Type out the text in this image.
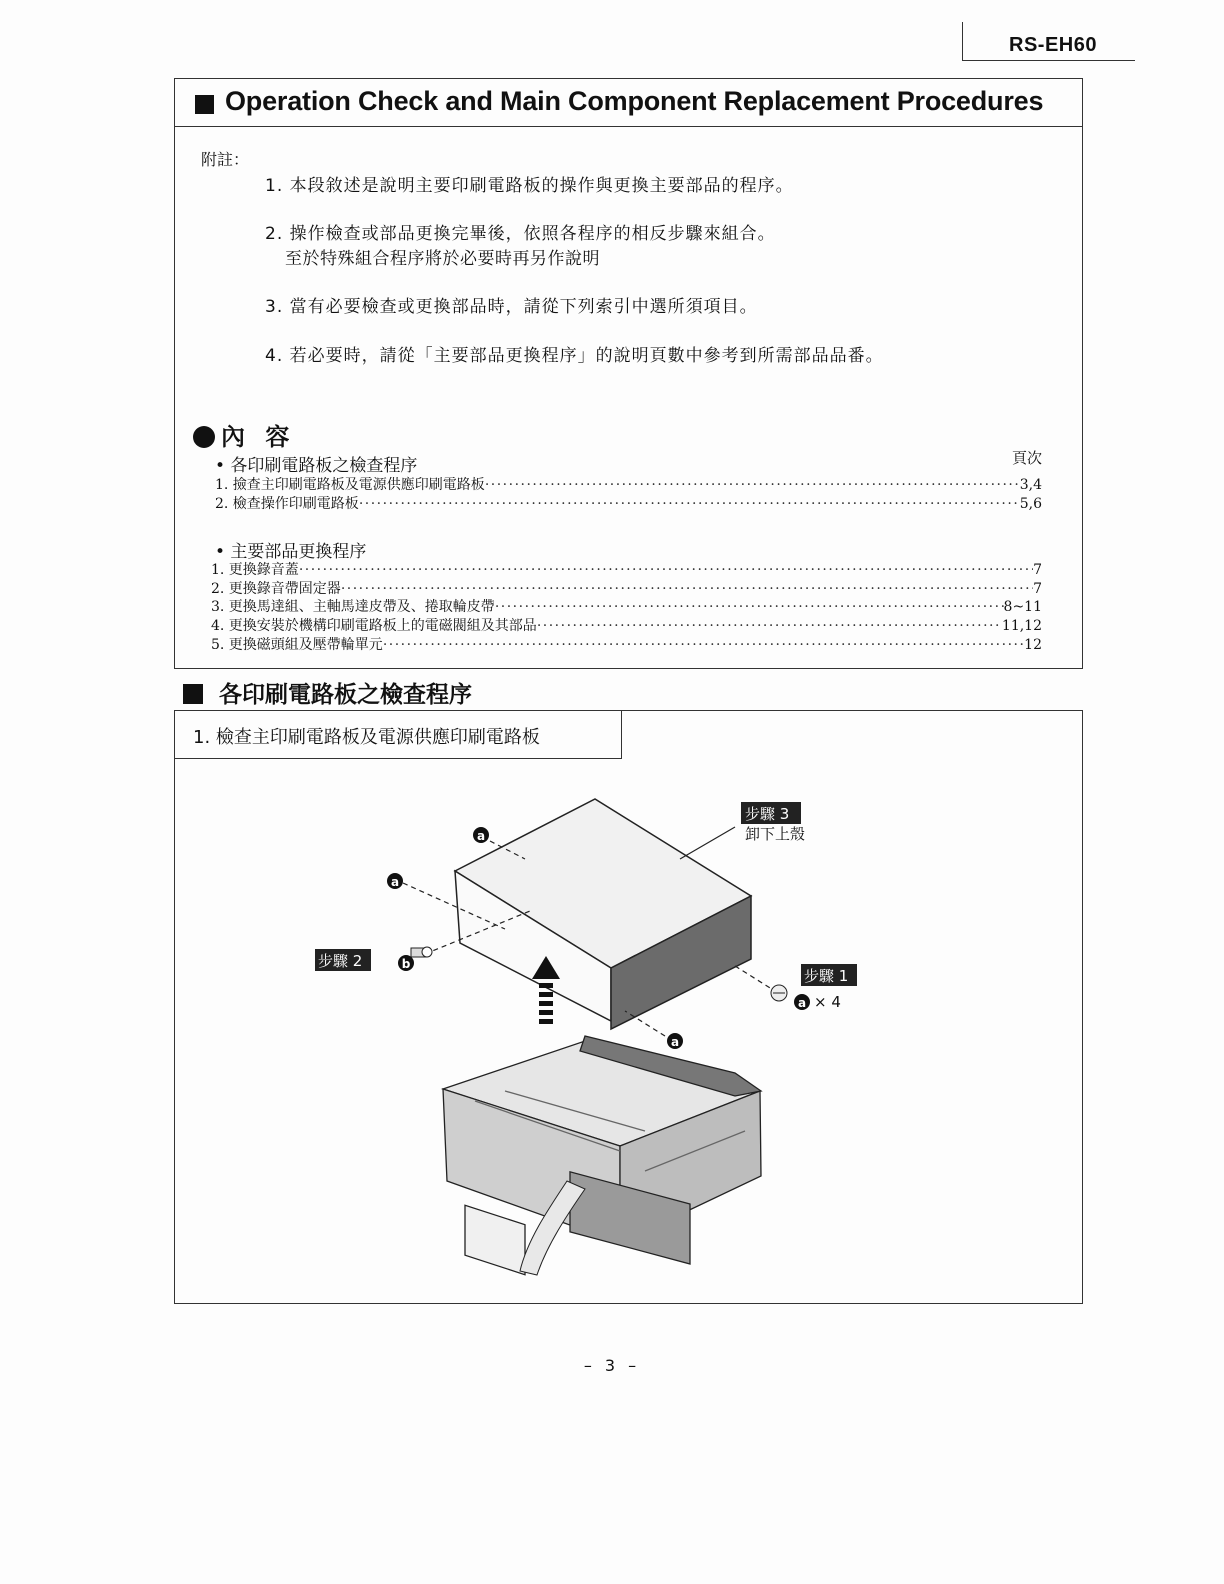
RS-EH60
Operation Check and Main Component Replacement Procedures
附註：
1. 本段敘述是說明主要印刷電路板的操作與更換主要部品的程序。
2. 操作檢查或部品更換完畢後，依照各程序的相反步驟來組合。
至於特殊組合程序將於必要時再另作說明
3. 當有必要檢查或更換部品時，請從下列索引中選所須項目。
4. 若必要時，請從「主要部品更換程序」的說明頁數中參考到所需部品品番。
內 容
頁次
• 各印刷電路板之檢查程序
1. 撿查主印刷電路板及電源供應印刷電路板 ·····	3,4
2. 檢查操作印刷電路板 ·····	5,6
• 主要部品更換程序
1. 更換錄音蓋 ·····	7
2. 更換錄音帶固定器 ·····	7
3. 更換馬達組、主軸馬達皮帶及、捲取輪皮帶 ·····	8~11
4. 更換安裝於機構印刷電路板上的電磁閥組及其部品 ·····	11,12
5. 更換磁頭組及壓帶輪單元 ·····	12
各印刷電路板之檢查程序
1. 檢查主印刷電路板及電源供應印刷電路板
a
a
a
b
步驟 3
卸下上殼
步驟 2
步驟 1
a × 4
– 3 –
